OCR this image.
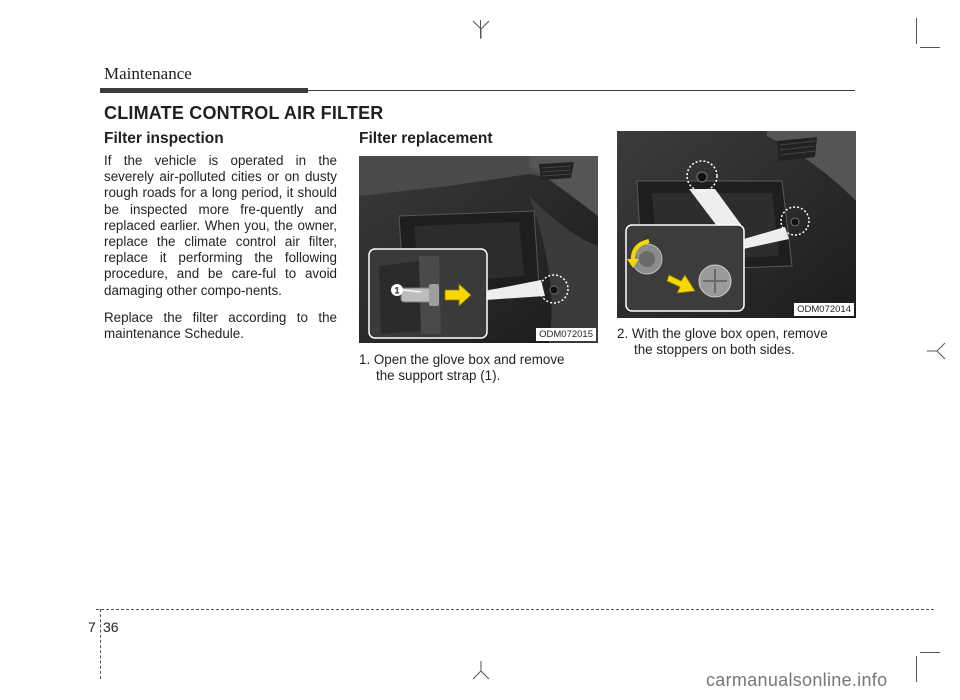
Maintenance
CLIMATE CONTROL AIR FILTER
Filter inspection
If the vehicle is operated in the severely air-polluted cities or on dusty rough roads for a long period, it should be inspected more fre-quently and replaced earlier. When you, the owner, replace the climate control air filter, replace it performing the following procedure, and be care-ful to avoid damaging other compo-nents.
Replace the filter according to the maintenance Schedule.
Filter replacement
1
ODM072015
1. Open the glove box and remove
the support strap (1).
ODM072014
2. With the glove box open, remove
the stoppers on both sides.
7 36
carmanualsonline.info
